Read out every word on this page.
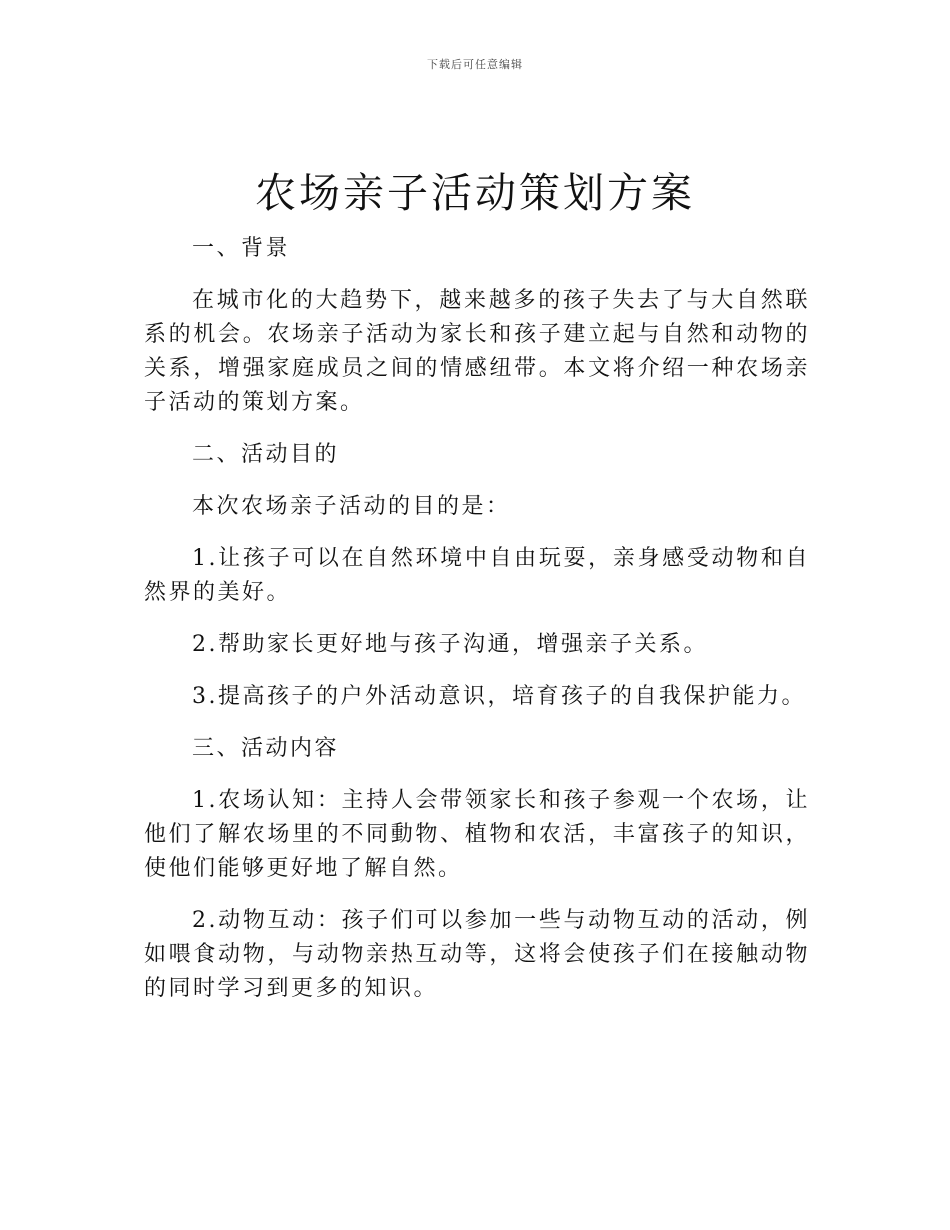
下载后可任意编辑
农场亲子活动策划方案

一、背景

在城市化的大趋势下，越来越多的孩子失去了与大自然联系的机会。农场亲子活动为家长和孩子建立起与自然和动物的关系，增强家庭成员之间的情感纽带。本文将介绍一种农场亲子活动的策划方案。

二、活动目的

本次农场亲子活动的目的是：

1.让孩子可以在自然环境中自由玩耍，亲身感受动物和自然界的美好。

2.帮助家长更好地与孩子沟通，增强亲子关系。

3.提高孩子的户外活动意识，培育孩子的自我保护能力。

三、活动内容

1.农场认知：主持人会带领家长和孩子参观一个农场，让他们了解农场里的不同動物、植物和农活，丰富孩子的知识，使他们能够更好地了解自然。

2.动物互动：孩子们可以参加一些与动物互动的活动，例如喂食动物，与动物亲热互动等，这将会使孩子们在接触动物的同时学习到更多的知识。
